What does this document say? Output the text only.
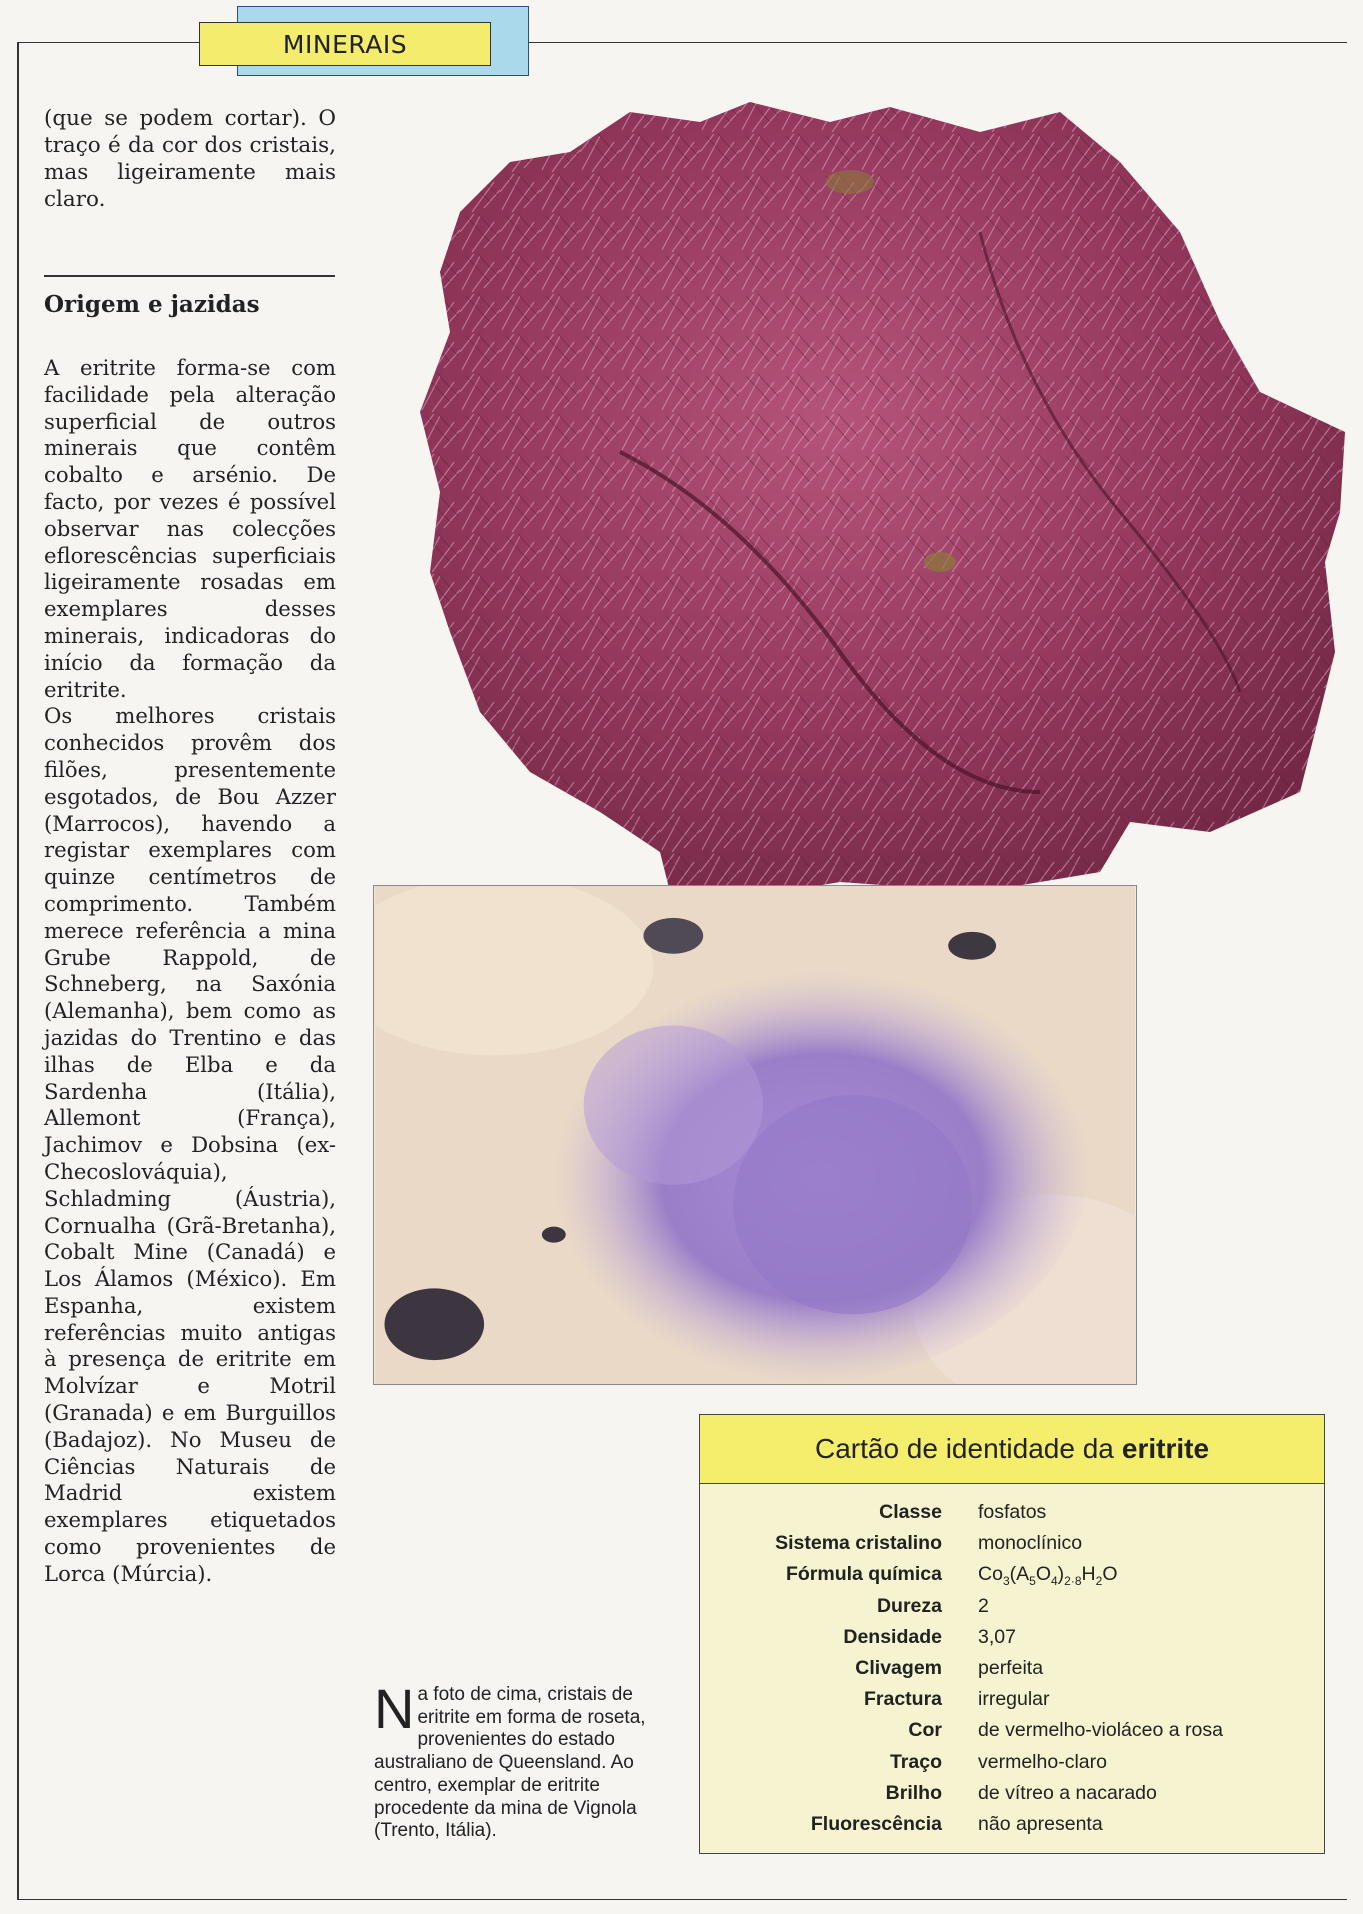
MINERAIS

(que se podem cortar). O traço é da cor dos cristais, mas ligeiramente mais claro.

Origem e jazidas

A eritrite forma-se com facilidade pela alteração superficial de outros minerais que contêm cobalto e arsénio. De facto, por vezes é possível observar nas colecções eflorescências superficiais ligeiramente rosadas em exemplares desses minerais, indicadoras do início da formação da eritrite.

Os melhores cristais conhecidos provêm dos filões, presentemente esgotados, de Bou Azzer (Marrocos), havendo a registar exemplares com quinze centímetros de comprimento. Também merece referência a mina Grube Rappold, de Schneberg, na Saxónia (Alemanha), bem como as jazidas do Trentino e das ilhas de Elba e da Sardenha (Itália), Allemont (França), Jachimov e Dobsina (ex-Checoslováquia), Schladming (Áustria), Cornualha (Grã-Bretanha), Cobalt Mine (Canadá) e Los Álamos (México). Em Espanha, existem referências muito antigas à presença de eritrite em Molvízar e Motril (Granada) e em Burguillos (Badajoz). No Museu de Ciências Naturais de Madrid existem exemplares etiquetados como provenientes de Lorca (Múrcia).

Na foto de cima, cristais de eritrite em forma de roseta, provenientes do estado australiano de Queensland. Ao centro, exemplar de eritrite procedente da mina de Vignola (Trento, Itália).
Cartão de identidade da eritrite
Classe	fosfatos
Sistema cristalino	monoclínico
Fórmula química	$Co_3(A_5O_4)_{2\cdot 8}H_2O$
Dureza	2
Densidade	3,07
Clivagem	perfeita
Fractura	irregular
Cor	de vermelho-violáceo a rosa
Traço	vermelho-claro
Brilho	de vítreo a nacarado
Fluorescência	não apresenta
